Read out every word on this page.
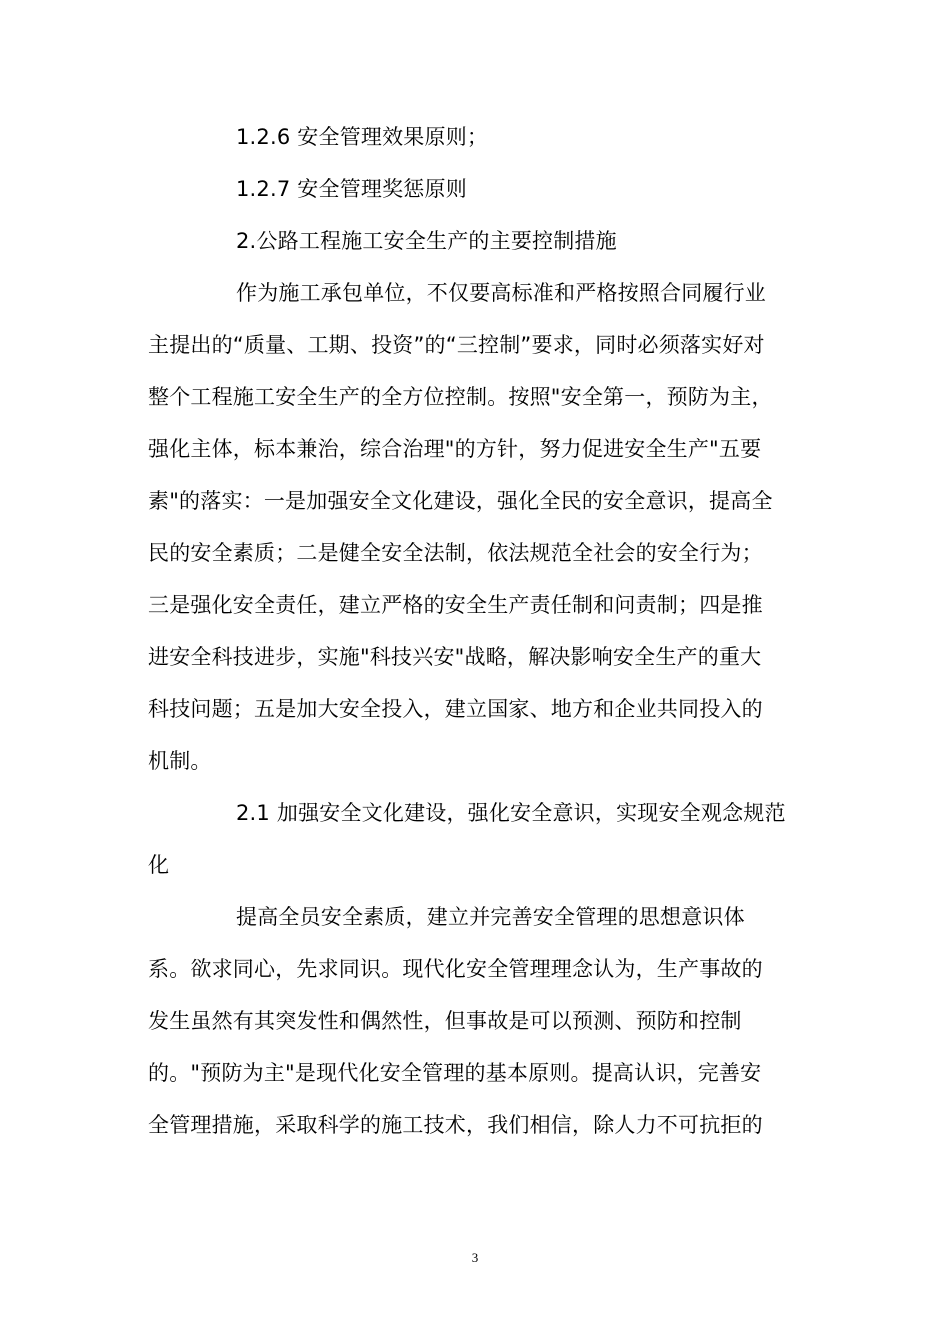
1.2.6 安全管理效果原则；
1.2.7 安全管理奖惩原则
2.公路工程施工安全生产的主要控制措施
作为施工承包单位，不仅要高标准和严格按照合同履行业
主提出的“质量、工期、投资”的“三控制”要求，同时必须落实好对
整个工程施工安全生产的全方位控制。按照"安全第一，预防为主，
强化主体，标本兼治，综合治理"的方针，努力促进安全生产"五要
素"的落实：一是加强安全文化建设，强化全民的安全意识，提高全
民的安全素质；二是健全安全法制，依法规范全社会的安全行为；
三是强化安全责任，建立严格的安全生产责任制和问责制；四是推
进安全科技进步，实施"科技兴安"战略，解决影响安全生产的重大
科技问题；五是加大安全投入，建立国家、地方和企业共同投入的
机制。
2.1 加强安全文化建设，强化安全意识，实现安全观念规范
化
提高全员安全素质，建立并完善安全管理的思想意识体
系。欲求同心，先求同识。现代化安全管理理念认为，生产事故的
发生虽然有其突发性和偶然性，但事故是可以预测、预防和控制
的。"预防为主"是现代化安全管理的基本原则。提高认识，完善安
全管理措施，采取科学的施工技术，我们相信，除人力不可抗拒的
3
